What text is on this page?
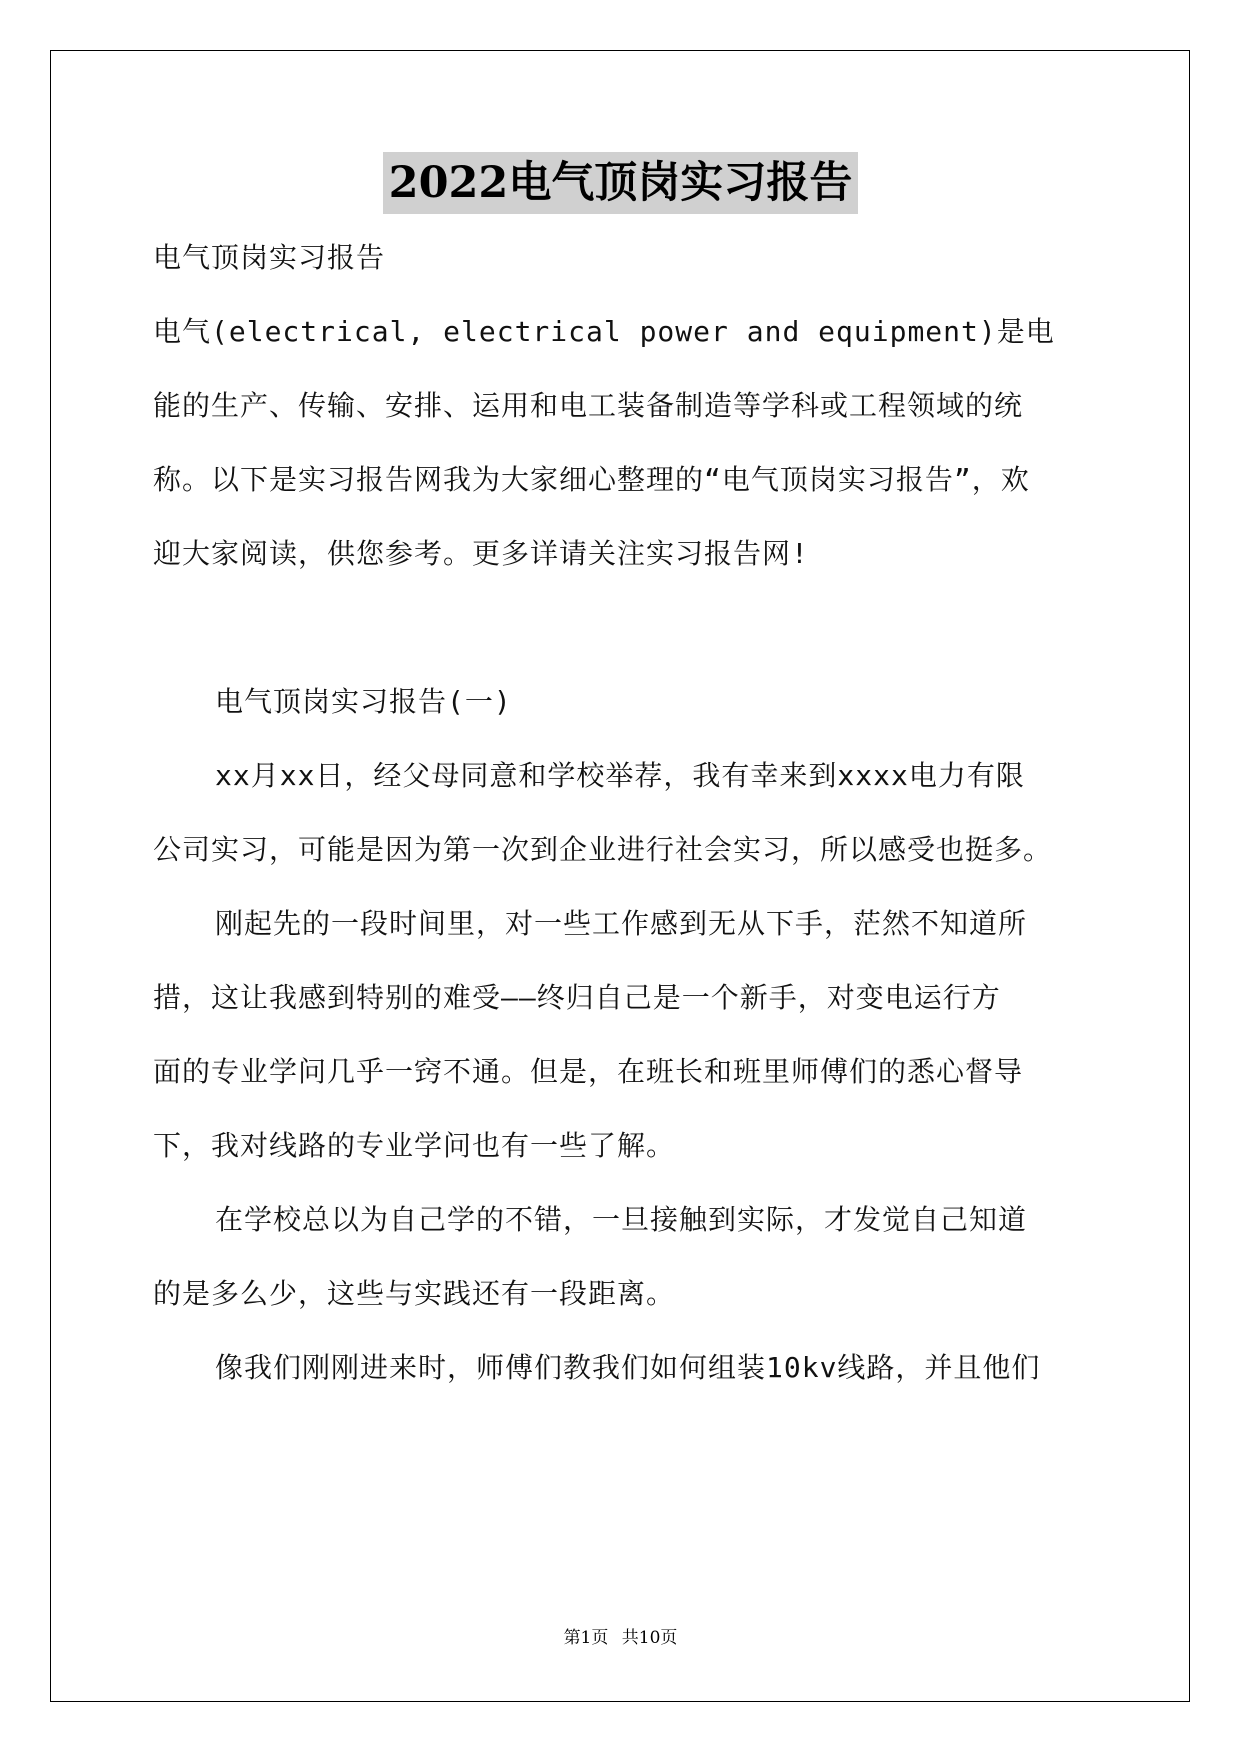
2022电气顶岗实习报告
电气顶岗实习报告
电气(electrical, electrical power and equipment)是电
能的生产、传输、安排、运用和电工装备制造等学科或工程领域的统
称。以下是实习报告网我为大家细心整理的“电气顶岗实习报告”，欢
迎大家阅读，供您参考。更多详请关注实习报告网!
电气顶岗实习报告(一)
xx月xx日，经父母同意和学校举荐，我有幸来到xxxx电力有限
公司实习，可能是因为第一次到企业进行社会实习，所以感受也挺多。
刚起先的一段时间里，对一些工作感到无从下手，茫然不知道所
措，这让我感到特别的难受——终归自己是一个新手，对变电运行方
面的专业学问几乎一窍不通。但是，在班长和班里师傅们的悉心督导
下，我对线路的专业学问也有一些了解。
在学校总以为自己学的不错，一旦接触到实际，才发觉自己知道
的是多么少，这些与实践还有一段距离。
像我们刚刚进来时，师傅们教我们如何组装10kv线路，并且他们
第1页 共10页
